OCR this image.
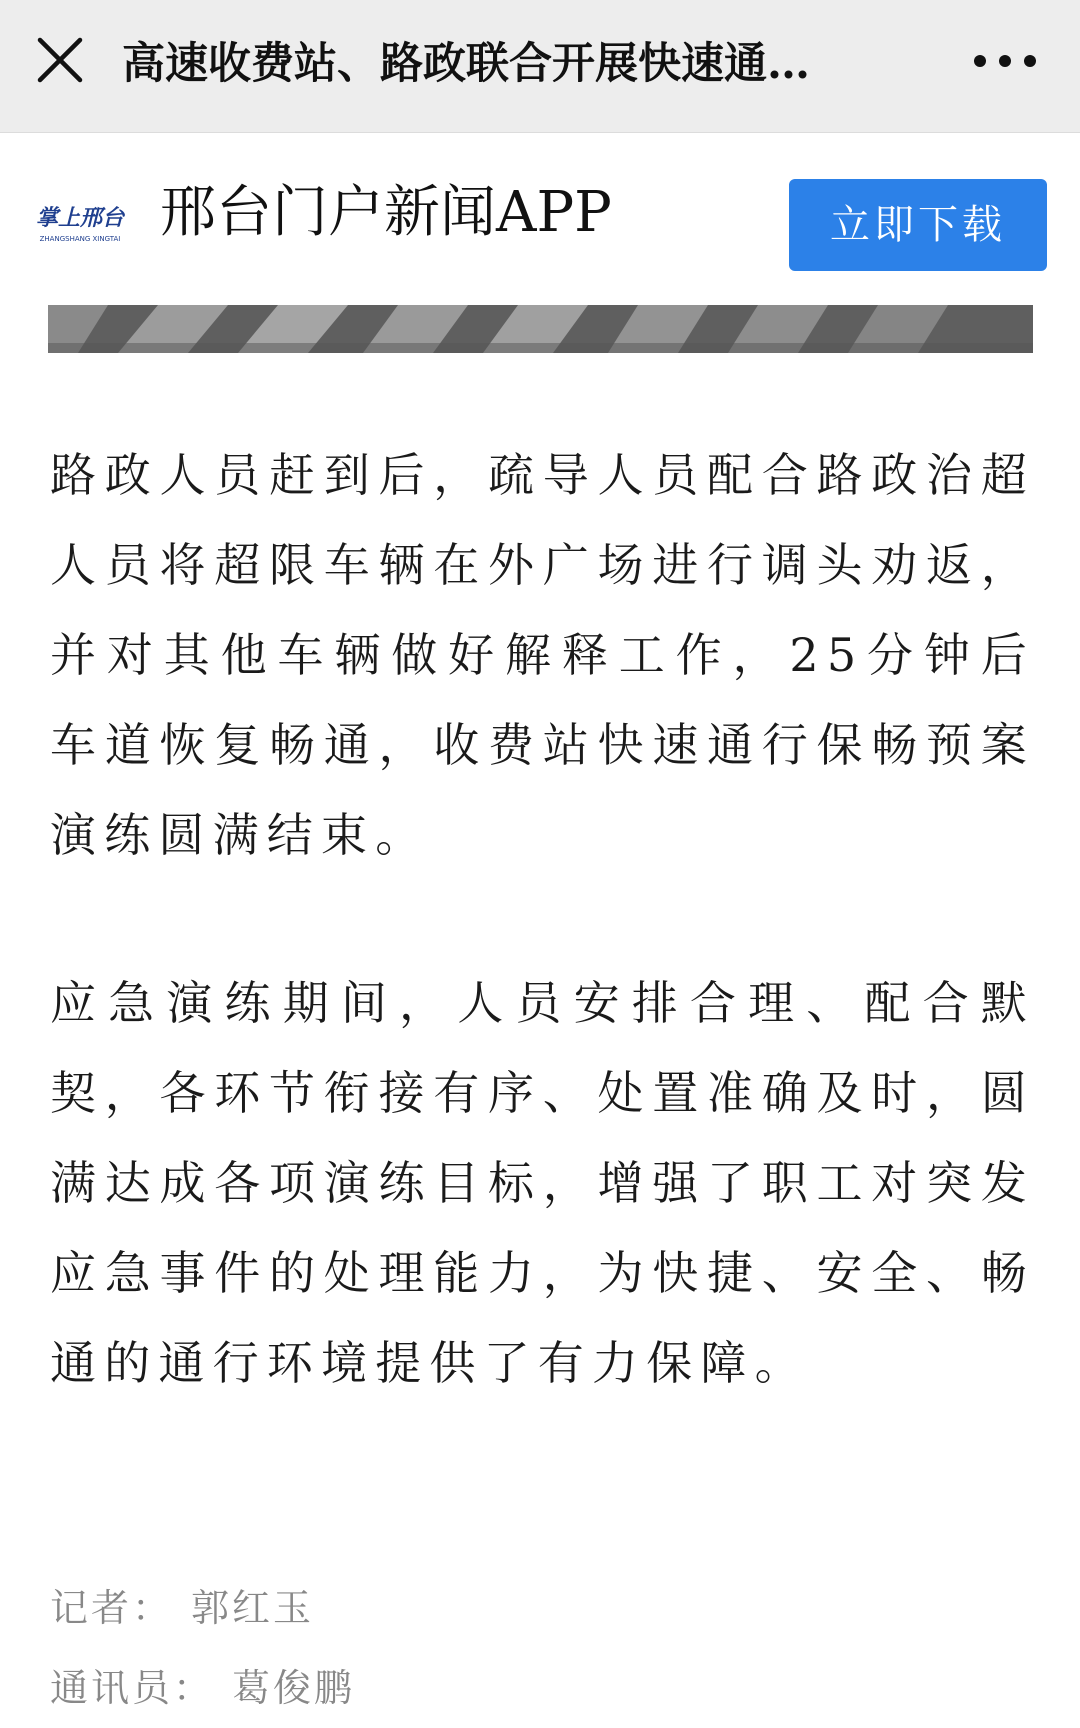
高速收费站、路政联合开展快速通…
掌上邢台
ZHANGSHANG XINGTAI 邢台门户新闻APP	立即下载

路政人员赶到后，疏导人员配合路政治超人员将超限车辆在外广场进行调头劝返，并对其他车辆做好解释工作，25分钟后车道恢复畅通，收费站快速通行保畅预案演练圆满结束。

应急演练期间，人员安排合理、配合默契，各环节衔接有序、处置准确及时，圆满达成各项演练目标，增强了职工对突发应急事件的处理能力，为快捷、安全、畅通的通行环境提供了有力保障。

记者： 郭红玉
通讯员： 葛俊鹏
